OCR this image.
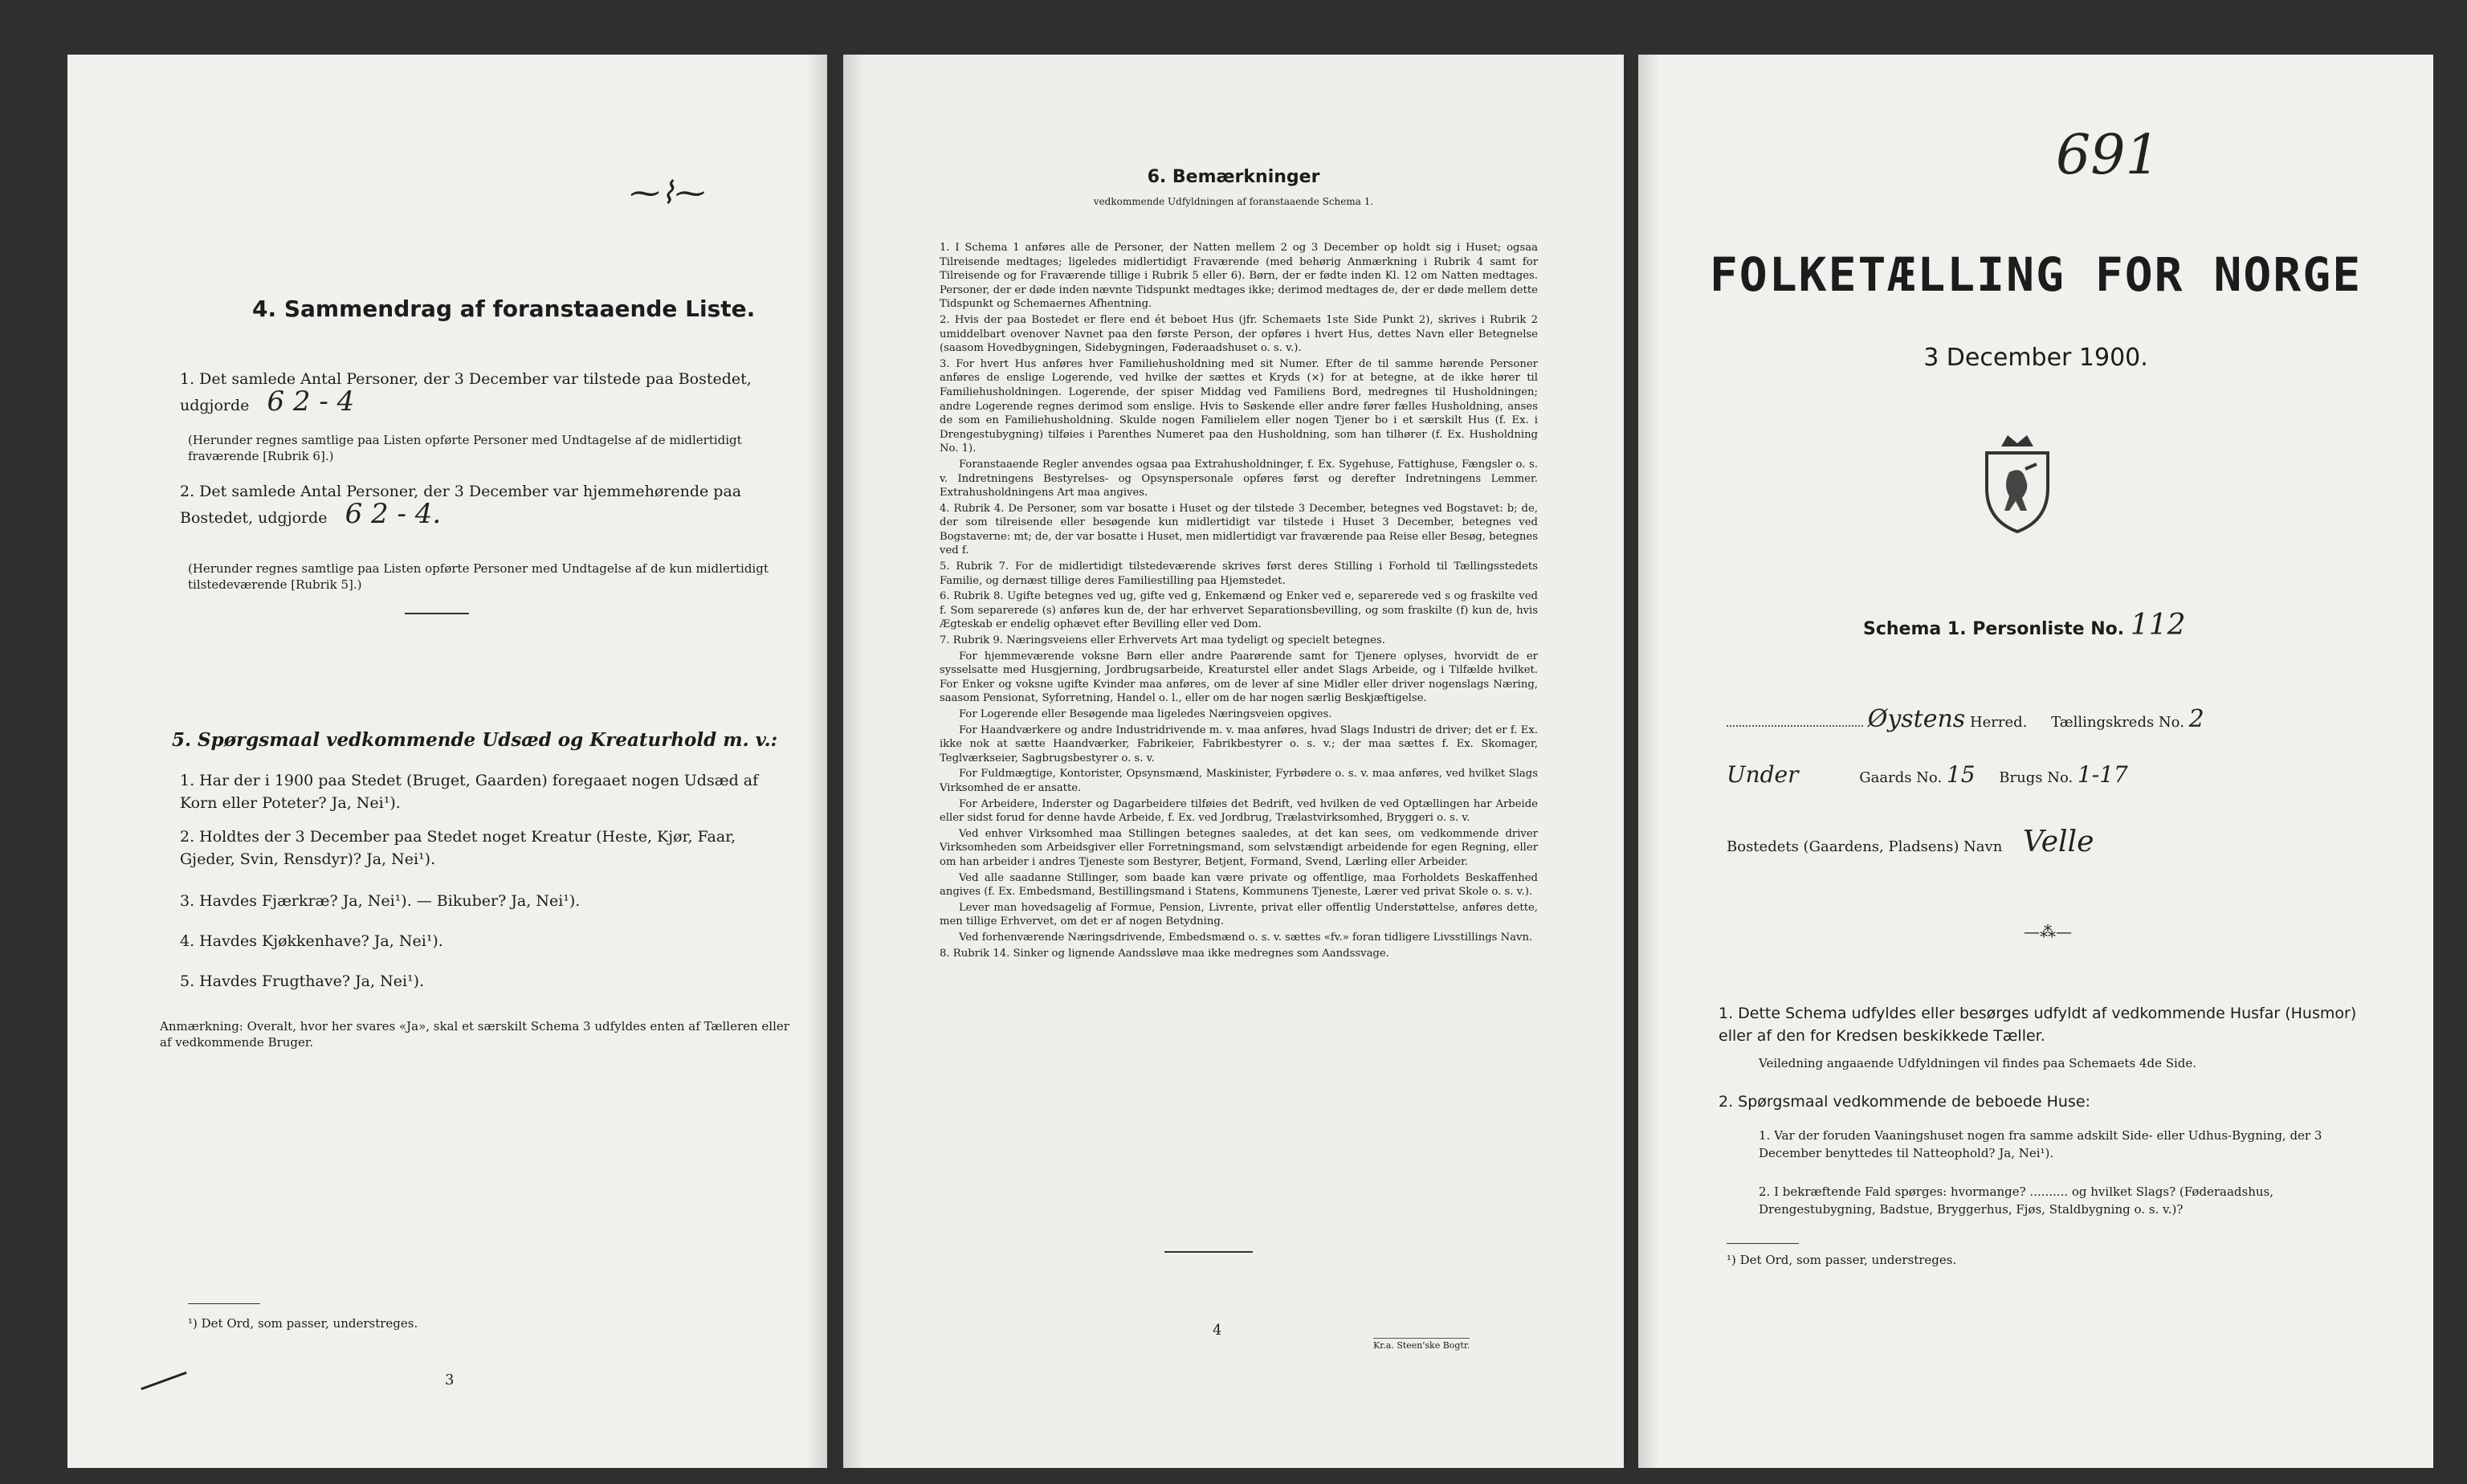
⁓⌇⁓
4. Sammendrag af foranstaaende Liste.
1. Det samlede Antal Personer, der 3 December var tilstede paa Bostedet, udgjorde 6 2 - 4
(Herunder regnes samtlige paa Listen opførte Personer med Undtagelse af de midlertidigt fraværende [Rubrik 6].)
2. Det samlede Antal Personer, der 3 December var hjemmehørende paa Bostedet, udgjorde 6 2 - 4.
(Herunder regnes samtlige paa Listen opførte Personer med Undtagelse af de kun midlertidigt tilstedeværende [Rubrik 5].)
5. Spørgsmaal vedkommende Udsæd og Kreaturhold m. v.:
1. Har der i 1900 paa Stedet (Bruget, Gaarden) foregaaet nogen Udsæd af Korn eller Poteter? Ja, Nei¹).
2. Holdtes der 3 December paa Stedet noget Kreatur (Heste, Kjør, Faar, Gjeder, Svin, Rensdyr)? Ja, Nei¹).
3. Havdes Fjærkræ? Ja, Nei¹). — Bikuber? Ja, Nei¹).
4. Havdes Kjøkkenhave? Ja, Nei¹).
5. Havdes Frugthave? Ja, Nei¹).
Anmærkning: Overalt, hvor her svares «Ja», skal et særskilt Schema 3 udfyldes enten af Tælleren eller af vedkommende Bruger.
¹) Det Ord, som passer, understreges.
3
6. Bemærkninger
vedkommende Udfyldningen af foranstaaende Schema 1.
1. I Schema 1 anføres alle de Personer, der Natten mellem 2 og 3 December op holdt sig i Huset; ogsaa Tilreisende medtages; ligeledes midlertidigt Fraværende (med behørig Anmærkning i Rubrik 4 samt for Tilreisende og for Fraværende tillige i Rubrik 5 eller 6). Børn, der er fødte inden Kl. 12 om Natten medtages. Personer, der er døde inden nævnte Tidspunkt medtages ikke; derimod medtages de, der er døde mellem dette Tidspunkt og Schemaernes Afhentning.
2. Hvis der paa Bostedet er flere end ét beboet Hus (jfr. Schemaets 1ste Side Punkt 2), skrives i Rubrik 2 umiddelbart ovenover Navnet paa den første Person, der opføres i hvert Hus, dettes Navn eller Betegnelse (saasom Hovedbygningen, Sidebygningen, Føderaadshuset o. s. v.).
3. For hvert Hus anføres hver Familiehusholdning med sit Numer. Efter de til samme hørende Personer anføres de enslige Logerende, ved hvilke der sættes et Kryds (×) for at betegne, at de ikke hører til Familiehusholdningen. Logerende, der spiser Middag ved Familiens Bord, medregnes til Husholdningen; andre Logerende regnes derimod som enslige. Hvis to Søskende eller andre fører fælles Husholdning, anses de som en Familiehusholdning. Skulde nogen Familielem eller nogen Tjener bo i et særskilt Hus (f. Ex. i Drengestubygning) tilføies i Parenthes Numeret paa den Husholdning, som han tilhører (f. Ex. Husholdning No. 1).
Foranstaaende Regler anvendes ogsaa paa Extrahusholdninger, f. Ex. Sygehuse, Fattighuse, Fængsler o. s. v. Indretningens Bestyrelses- og Opsynspersonale opføres først og derefter Indretningens Lemmer. Extrahusholdningens Art maa angives.
4. Rubrik 4. De Personer, som var bosatte i Huset og der tilstede 3 December, betegnes ved Bogstavet: b; de, der som tilreisende eller besøgende kun midlertidigt var tilstede i Huset 3 December, betegnes ved Bogstaverne: mt; de, der var bosatte i Huset, men midlertidigt var fraværende paa Reise eller Besøg, betegnes ved f.
5. Rubrik 7. For de midlertidigt tilstedeværende skrives først deres Stilling i Forhold til Tællingsstedets Familie, og dernæst tillige deres Familiestilling paa Hjemstedet.
6. Rubrik 8. Ugifte betegnes ved ug, gifte ved g, Enkemænd og Enker ved e, separerede ved s og fraskilte ved f. Som separerede (s) anføres kun de, der har erhvervet Separationsbevilling, og som fraskilte (f) kun de, hvis Ægteskab er endelig ophævet efter Bevilling eller ved Dom.
7. Rubrik 9. Næringsveiens eller Erhvervets Art maa tydeligt og specielt betegnes.
For hjemmeværende voksne Børn eller andre Paarørende samt for Tjenere oplyses, hvorvidt de er sysselsatte med Husgjerning, Jordbrugsarbeide, Kreaturstel eller andet Slags Arbeide, og i Tilfælde hvilket. For Enker og voksne ugifte Kvinder maa anføres, om de lever af sine Midler eller driver nogenslags Næring, saasom Pensionat, Syforretning, Handel o. l., eller om de har nogen særlig Beskjæftigelse.
For Logerende eller Besøgende maa ligeledes Næringsveien opgives.
For Haandværkere og andre Industridrivende m. v. maa anføres, hvad Slags Industri de driver; det er f. Ex. ikke nok at sætte Haandværker, Fabrikeier, Fabrikbestyrer o. s. v.; der maa sættes f. Ex. Skomager, Teglværkseier, Sagbrugsbestyrer o. s. v.
For Fuldmægtige, Kontorister, Opsynsmænd, Maskinister, Fyrbødere o. s. v. maa anføres, ved hvilket Slags Virksomhed de er ansatte.
For Arbeidere, Inderster og Dagarbeidere tilføies det Bedrift, ved hvilken de ved Optællingen har Arbeide eller sidst forud for denne havde Arbeide, f. Ex. ved Jordbrug, Trælastvirksomhed, Bryggeri o. s. v.
Ved enhver Virksomhed maa Stillingen betegnes saaledes, at det kan sees, om vedkommende driver Virksomheden som Arbeidsgiver eller Forretningsmand, som selvstændigt arbeidende for egen Regning, eller om han arbeider i andres Tjeneste som Bestyrer, Betjent, Formand, Svend, Lærling eller Arbeider.
Ved alle saadanne Stillinger, som baade kan være private og offentlige, maa Forholdets Beskaffenhed angives (f. Ex. Embedsmand, Bestillingsmand i Statens, Kommunens Tjeneste, Lærer ved privat Skole o. s. v.).
Lever man hovedsagelig af Formue, Pension, Livrente, privat eller offentlig Understøttelse, anføres dette, men tillige Erhvervet, om det er af nogen Betydning.
Ved forhenværende Næringsdrivende, Embedsmænd o. s. v. sættes «fv.» foran tidligere Livsstillings Navn.
8. Rubrik 14. Sinker og lignende Aandssløve maa ikke medregnes som Aandssvage.
4
Kr.a. Steen'ske Bogtr.
691
FOLKETÆLLING FOR NORGE
3 December 1900.
Schema 1. Personliste No. 112
Øystens Herred. Tællingskreds No. 2
Under	Gaards No. 15 Brugs No. 1-17
Bostedets (Gaardens, Pladsens) Navn Velle
—⁂—
1. Dette Schema udfyldes eller besørges udfyldt af vedkommende Husfar (Husmor) eller af den for Kredsen beskikkede Tæller.
Veiledning angaaende Udfyldningen vil findes paa Schemaets 4de Side.
2. Spørgsmaal vedkommende de beboede Huse:
1. Var der foruden Vaaningshuset nogen fra samme adskilt Side- eller Udhus-Bygning, der 3 December benyttedes til Natteophold? Ja, Nei¹).
2. I bekræftende Fald spørges: hvormange? .......... og hvilket Slags? (Føderaadshus, Drengestubygning, Badstue, Bryggerhus, Fjøs, Staldbygning o. s. v.)?
¹) Det Ord, som passer, understreges.
